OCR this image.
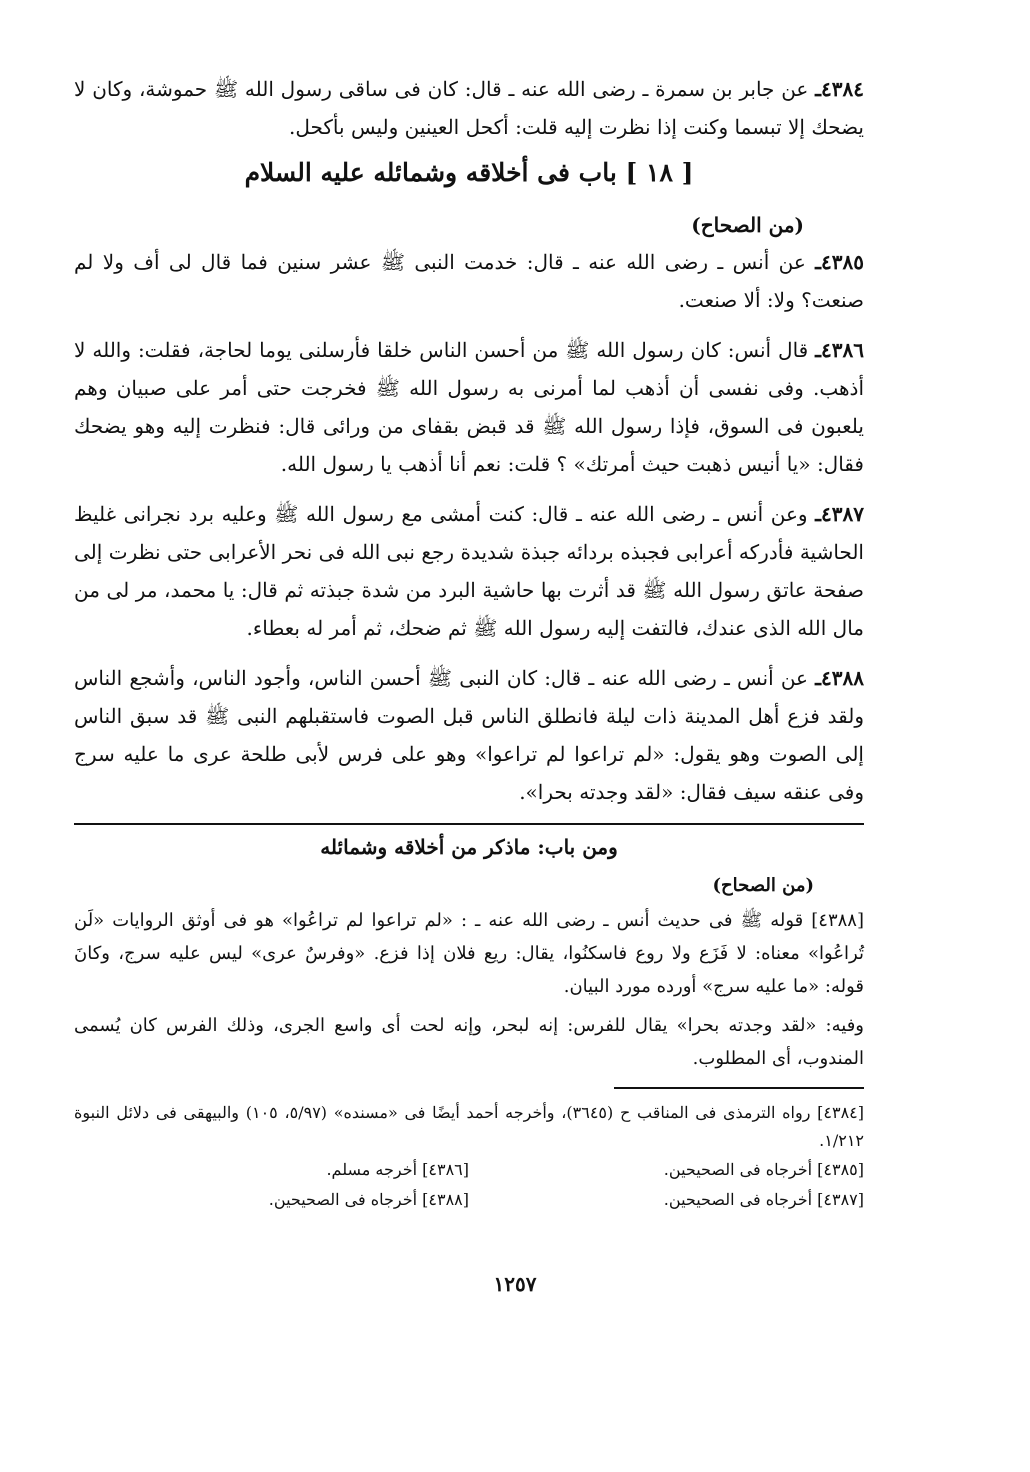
٤٣٨٤ـ عن جابر بن سمرة ـ رضى الله عنه ـ قال: كان فى ساقى رسول الله ﷺ حموشة، وكان لا يضحك إلا تبسما وكنت إذا نظرت إليه قلت: أكحل العينين وليس بأكحل.

[ ١٨ ] باب فى أخلاقه وشمائله عليه السلام
(من الصحاح)

٤٣٨٥ـ عن أنس ـ رضى الله عنه ـ قال: خدمت النبى ﷺ عشر سنين فما قال لى أف ولا لم صنعت؟ ولا: ألا صنعت.

٤٣٨٦ـ قال أنس: كان رسول الله ﷺ من أحسن الناس خلقا فأرسلنى يوما لحاجة، فقلت: والله لا أذهب. وفى نفسى أن أذهب لما أمرنى به رسول الله ﷺ فخرجت حتى أمر على صبيان وهم يلعبون فى السوق، فإذا رسول الله ﷺ قد قبض بقفاى من ورائى قال: فنظرت إليه وهو يضحك فقال: «يا أنيس ذهبت حيث أمرتك» ؟ قلت: نعم أنا أذهب يا رسول الله.

٤٣٨٧ـ وعن أنس ـ رضى الله عنه ـ قال: كنت أمشى مع رسول الله ﷺ وعليه برد نجرانى غليظ الحاشية فأدركه أعرابى فجبذه بردائه جبذة شديدة رجع نبى الله فى نحر الأعرابى حتى نظرت إلى صفحة عاتق رسول الله ﷺ قد أثرت بها حاشية البرد من شدة جبذته ثم قال: يا محمد، مر لى من مال الله الذى عندك، فالتفت إليه رسول الله ﷺ ثم ضحك، ثم أمر له بعطاء.

٤٣٨٨ـ عن أنس ـ رضى الله عنه ـ قال: كان النبى ﷺ أحسن الناس، وأجود الناس، وأشجع الناس ولقد فزع أهل المدينة ذات ليلة فانطلق الناس قبل الصوت فاستقبلهم النبى ﷺ قد سبق الناس إلى الصوت وهو يقول: «لم تراعوا لم تراعوا» وهو على فرس لأبى طلحة عرى ما عليه سرج وفى عنقه سيف فقال: «لقد وجدته بحرا».

ومن باب: ماذكر من أخلاقه وشمائله
(من الصحاح)

[٤٣٨٨] قوله ﷺ فى حديث أنس ـ رضى الله عنه ـ : «لم تراعوا لم تراعُوا» هو فى أوثق الروايات «لَن تُراعُوا» معناه: لا فَزَع ولا روع فاسكنُوا، يقال: ريع فلان إذا فزع. «وفرسٌ عرى» ليس عليه سرج، وكانَ قوله: «ما عليه سرج» أورده مورد البيان.

وفيه: «لقد وجدته بحرا» يقال للفرس: إنه لبحر، وإنه لحت أى واسع الجرى، وذلك الفرس كان يُسمى المندوب، أى المطلوب.

[٤٣٨٤] رواه الترمذى فى المناقب ح (٣٦٤٥)، وأخرجه أحمد أيضًا فى «مسنده» (٥/٩٧، ١٠٥) والبيهقى فى دلائل النبوة ١/٢١٢.
[٤٣٨٥] أخرجاه فى الصحيحين.
[٤٣٨٧] أخرجاه فى الصحيحين.
[٤٣٨٦] أخرجه مسلم.
[٤٣٨٨] أخرجاه فى الصحيحين.
١٢٥٧
